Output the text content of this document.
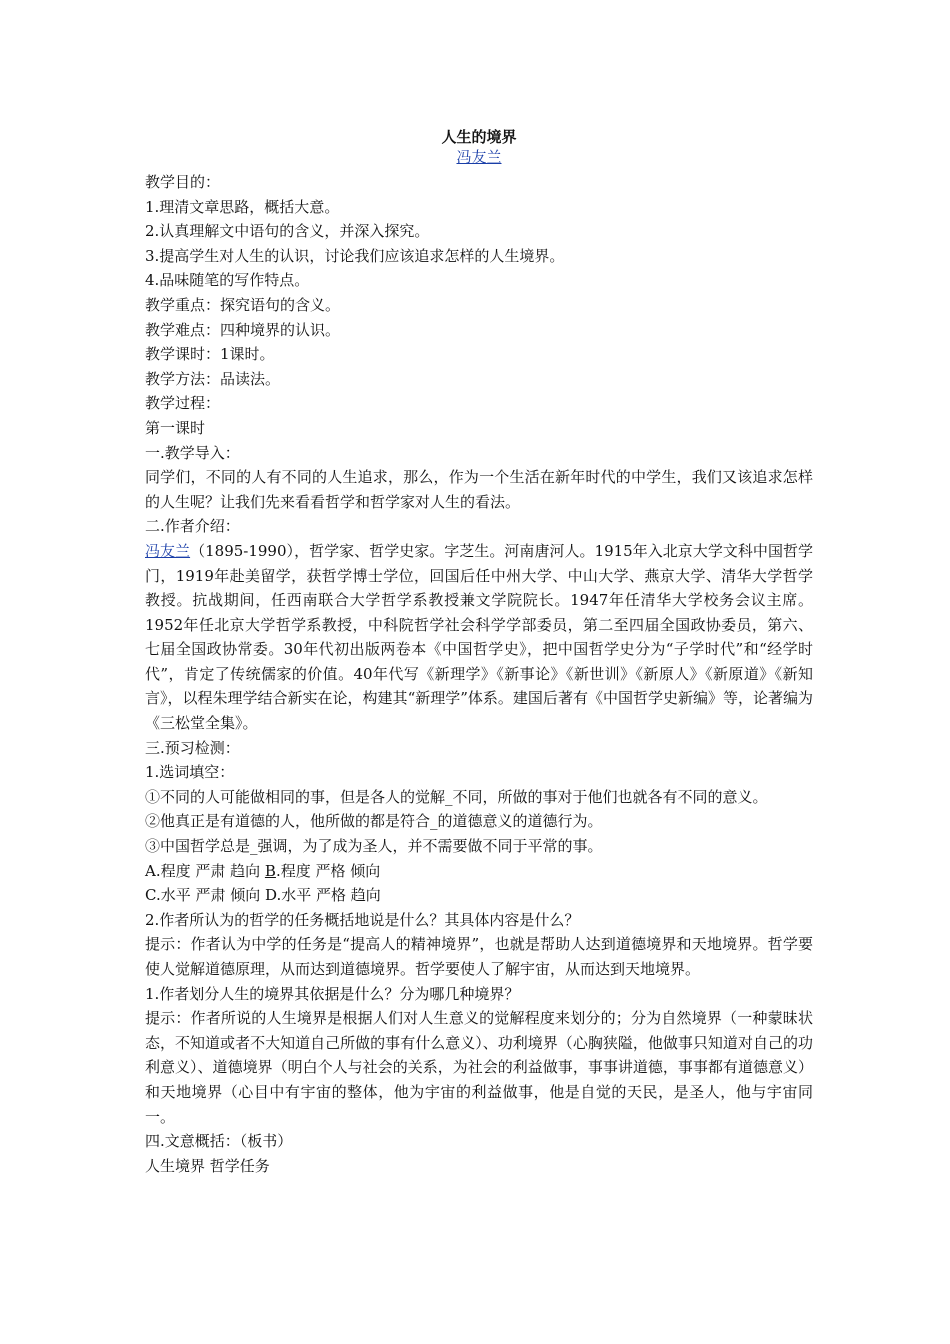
人生的境界
冯友兰

教学目的：

1.理清文章思路，概括大意。

2.认真理解文中语句的含义，并深入探究。

3.提高学生对人生的认识，讨论我们应该追求怎样的人生境界。

4.品味随笔的写作特点。

教学重点：探究语句的含义。

教学难点：四种境界的认识。

教学课时：1课时。

教学方法：品读法。

教学过程：

第一课时

一.教学导入：

同学们，不同的人有不同的人生追求，那么，作为一个生活在新年时代的中学生，我们又该追求怎样的人生呢？让我们先来看看哲学和哲学家对人生的看法。

二.作者介绍：

冯友兰（1895-1990），哲学家、哲学史家。字芝生。河南唐河人。1915年入北京大学文科中国哲学门，1919年赴美留学，获哲学博士学位，回国后任中州大学、中山大学、燕京大学、清华大学哲学教授。抗战期间，任西南联合大学哲学系教授兼文学院院长。1947年任清华大学校务会议主席。1952年任北京大学哲学系教授，中科院哲学社会科学学部委员，第二至四届全国政协委员，第六、七届全国政协常委。30年代初出版两卷本《中国哲学史》，把中国哲学史分为“子学时代”和“经学时代”，肯定了传统儒家的价值。40年代写《新理学》《新事论》《新世训》《新原人》《新原道》《新知言》，以程朱理学结合新实在论，构建其“新理学”体系。建国后著有《中国哲学史新编》等，论著编为《三松堂全集》。

三.预习检测：

1.选词填空：

①不同的人可能做相同的事，但是各人的觉解_不同，所做的事对于他们也就各有不同的意义。

②他真正是有道德的人，他所做的都是符合_的道德意义的道德行为。

③中国哲学总是_强调，为了成为圣人，并不需要做不同于平常的事。

A.程度 严肃 趋向 B.程度 严格 倾向

C.水平 严肃 倾向 D.水平 严格 趋向

2.作者所认为的哲学的任务概括地说是什么？其具体内容是什么？

提示：作者认为中学的任务是“提高人的精神境界”，也就是帮助人达到道德境界和天地境界。哲学要使人觉解道德原理，从而达到道德境界。哲学要使人了解宇宙，从而达到天地境界。

1.作者划分人生的境界其依据是什么？分为哪几种境界？

提示：作者所说的人生境界是根据人们对人生意义的觉解程度来划分的；分为自然境界（一种蒙昧状态，不知道或者不大知道自己所做的事有什么意义）、功利境界（心胸狭隘，他做事只知道对自己的功利意义）、道德境界（明白个人与社会的关系，为社会的利益做事，事事讲道德，事事都有道德意义）和天地境界（心目中有宇宙的整体，他为宇宙的利益做事，他是自觉的天民，是圣人，他与宇宙同一。

四.文意概括：（板书）

人生境界 哲学任务
